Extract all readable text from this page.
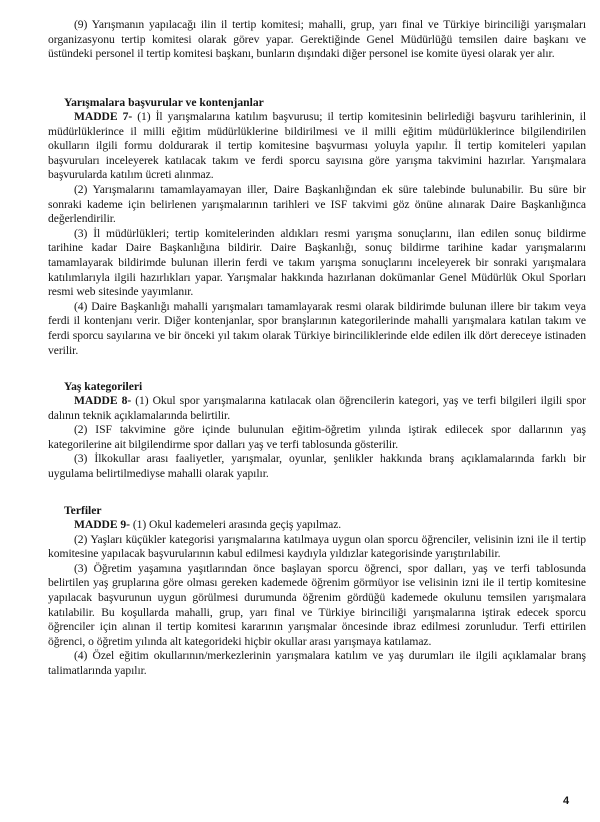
(9) Yarışmanın yapılacağı ilin il tertip komitesi; mahalli, grup, yarı final ve Türkiye birinciliği yarışmaları organizasyonu tertip komitesi olarak görev yapar. Gerektiğinde Genel Müdürlüğü temsilen daire başkanı ve üstündeki personel il tertip komitesi başkanı, bunların dışındaki diğer personel ise komite üyesi olarak yer alır.

Yarışmalara başvurular ve kontenjanlar

MADDE 7- (1) İl yarışmalarına katılım başvurusu; il tertip komitesinin belirlediği başvuru tarihlerinin, il müdürlüklerince il milli eğitim müdürlüklerine bildirilmesi ve il milli eğitim müdürlüklerince bilgilendirilen okulların ilgili formu doldurarak il tertip komitesine başvurması yoluyla yapılır. İl tertip komiteleri yapılan başvuruları inceleyerek katılacak takım ve ferdi sporcu sayısına göre yarışma takvimini hazırlar. Yarışmalara başvurularda katılım ücreti alınmaz.

(2) Yarışmalarını tamamlayamayan iller, Daire Başkanlığından ek süre talebinde bulunabilir. Bu süre bir sonraki kademe için belirlenen yarışmalarının tarihleri ve ISF takvimi göz önüne alınarak Daire Başkanlığınca değerlendirilir.

(3) İl müdürlükleri; tertip komitelerinden aldıkları resmi yarışma sonuçlarını, ilan edilen sonuç bildirme tarihine kadar Daire Başkanlığına bildirir. Daire Başkanlığı, sonuç bildirme tarihine kadar yarışmalarını tamamlayarak bildirimde bulunan illerin ferdi ve takım yarışma sonuçlarını inceleyerek bir sonraki yarışmalara katılımlarıyla ilgili hazırlıkları yapar. Yarışmalar hakkında hazırlanan dokümanlar Genel Müdürlük Okul Sporları resmi web sitesinde yayımlanır.

(4) Daire Başkanlığı mahalli yarışmaları tamamlayarak resmi olarak bildirimde bulunan illere bir takım veya ferdi il kontenjanı verir. Diğer kontenjanlar, spor branşlarının kategorilerinde mahalli yarışmalara katılan takım ve ferdi sporcu sayılarına ve bir önceki yıl takım olarak Türkiye birinciliklerinde elde edilen ilk dört dereceye istinaden verilir.

Yaş kategorileri

MADDE 8- (1) Okul spor yarışmalarına katılacak olan öğrencilerin kategori, yaş ve terfi bilgileri ilgili spor dalının teknik açıklamalarında belirtilir.

(2) ISF takvimine göre içinde bulunulan eğitim-öğretim yılında iştirak edilecek spor dallarının yaş kategorilerine ait bilgilendirme spor dalları yaş ve terfi tablosunda gösterilir.

(3) İlkokullar arası faaliyetler, yarışmalar, oyunlar, şenlikler hakkında branş açıklamalarında farklı bir uygulama belirtilmediyse mahalli olarak yapılır.

Terfiler

MADDE 9- (1) Okul kademeleri arasında geçiş yapılmaz.

(2) Yaşları küçükler kategorisi yarışmalarına katılmaya uygun olan sporcu öğrenciler, velisinin izni ile il tertip komitesine yapılacak başvurularının kabul edilmesi kaydıyla yıldızlar kategorisinde yarıştırılabilir.

(3) Öğretim yaşamına yaşıtlarından önce başlayan sporcu öğrenci, spor dalları, yaş ve terfi tablosunda belirtilen yaş gruplarına göre olması gereken kademede öğrenim görmüyor ise velisinin izni ile il tertip komitesine yapılacak başvurunun uygun görülmesi durumunda öğrenim gördüğü kademede okulunu temsilen yarışmalara katılabilir. Bu koşullarda mahalli, grup, yarı final ve Türkiye birinciliği yarışmalarına iştirak edecek sporcu öğrenciler için alınan il tertip komitesi kararının yarışmalar öncesinde ibraz edilmesi zorunludur. Terfi ettirilen öğrenci, o öğretim yılında alt kategorideki hiçbir okullar arası yarışmaya katılamaz.

(4) Özel eğitim okullarının/merkezlerinin yarışmalara katılım ve yaş durumları ile ilgili açıklamalar branş talimatlarında yapılır.

4
